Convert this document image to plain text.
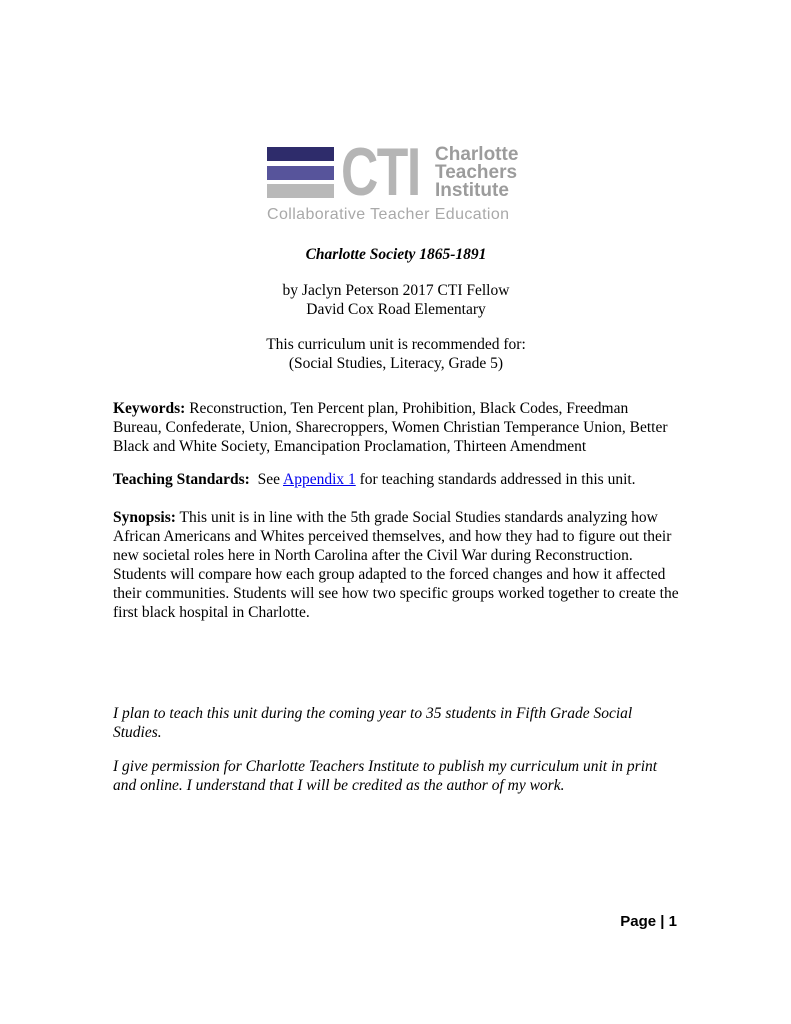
CTI Charlotte
Teachers
Institute
Collaborative Teacher Education
Charlotte Society 1865-1891
by Jaclyn Peterson 2017 CTI Fellow
David Cox Road Elementary
This curriculum unit is recommended for:
(Social Studies, Literacy, Grade 5)
Keywords: Reconstruction, Ten Percent plan, Prohibition, Black Codes, Freedman Bureau, Confederate, Union, Sharecroppers, Women Christian Temperance Union, Better Black and White Society, Emancipation Proclamation, Thirteen Amendment
Teaching Standards: See Appendix 1 for teaching standards addressed in this unit.
Synopsis: This unit is in line with the 5th grade Social Studies standards analyzing how African Americans and Whites perceived themselves, and how they had to figure out their new societal roles here in North Carolina after the Civil War during Reconstruction. Students will compare how each group adapted to the forced changes and how it affected their communities. Students will see how two specific groups worked together to create the first black hospital in Charlotte.
I plan to teach this unit during the coming year to 35 students in Fifth Grade Social Studies.
I give permission for Charlotte Teachers Institute to publish my curriculum unit in print and online. I understand that I will be credited as the author of my work.
Page | 1
